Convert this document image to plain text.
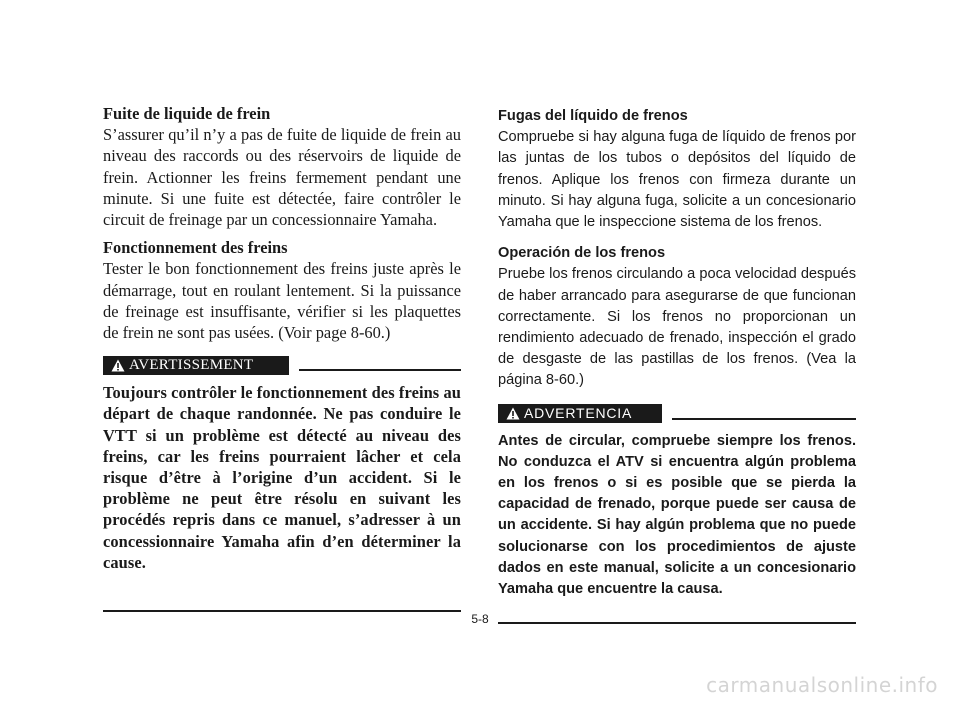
Fuite de liquide de frein

S’assurer qu’il n’y a pas de fuite de liquide de frein au niveau des raccords ou des réservoirs de liquide de frein. Actionner les freins fermement pendant une minute. Si une fuite est détectée, faire contrôler le circuit de freinage par un concessionnaire Yamaha.

Fonctionnement des freins

Tester le bon fonctionnement des freins juste après le démarrage, tout en roulant lentement. Si la puissance de freinage est insuffisante, vérifier si les plaquettes de frein ne sont pas usées. (Voir page 8-60.)

AVERTISSEMENT

Toujours contrôler le fonctionnement des freins au départ de chaque randonnée. Ne pas conduire le VTT si un problème est détecté au niveau des freins, car les freins pourraient lâcher et cela risque d’être à l’origine d’un accident. Si le problème ne peut être résolu en suivant les procédés repris dans ce manuel, s’adresser à un concessionnaire Yamaha afin d’en déterminer la cause.

Fugas del líquido de frenos

Compruebe si hay alguna fuga de líquido de frenos por las juntas de los tubos o depósitos del líquido de frenos. Aplique los frenos con firmeza durante un minuto. Si hay alguna fuga, solicite a un concesionario Yamaha que le inspeccione sistema de los frenos.

Operación de los frenos

Pruebe los frenos circulando a poca velocidad después de haber arrancado para asegurarse de que funcionan correctamente. Si los frenos no proporcionan un rendimiento adecuado de frenado, inspección el grado de desgaste de las pastillas de los frenos. (Vea la página 8-60.)

ADVERTENCIA

Antes de circular, compruebe siempre los frenos. No conduzca el ATV si encuentra algún problema en los frenos o si es posible que se pierda la capacidad de frenado, porque puede ser causa de un accidente. Si hay algún problema que no puede solucionarse con los procedimientos de ajuste dados en este manual, solicite a un concesionario Yamaha que encuentre la causa.

5-8
carmanualsonline.info
